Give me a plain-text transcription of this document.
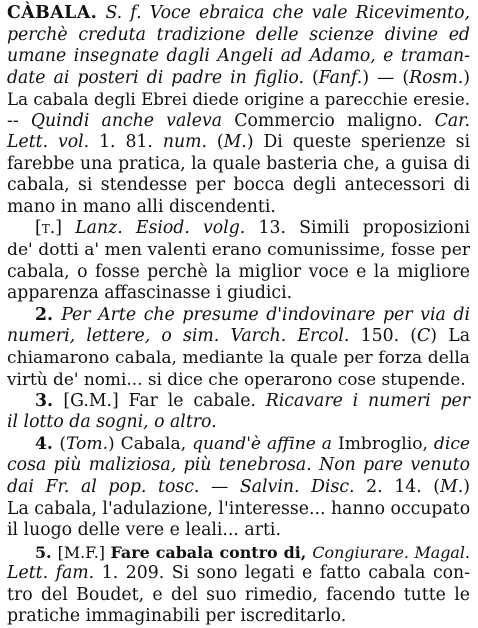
CÀBALA. S. f. Voce ebraica che vale Ricevimento,
perchè creduta tradizione delle scienze divine ed
umane insegnate dagli Angeli ad Adamo, e traman-
date ai posteri di padre in figlio. (Fanf.) — (Rosm.)
La cabala degli Ebrei diede origine a parecchie eresie.
-- Quindi anche valeva Commercio maligno. Car.
Lett. vol. 1. 81. num. (M.) Di queste sperienze si
farebbe una pratica, la quale basteria che, a guisa di
cabala, si stendesse per bocca degli antecessori di
mano in mano alli discendenti.
[t.] Lanz. Esiod. volg. 13. Simili proposizioni
de' dotti a' men valenti erano comunissime, fosse per
cabala, o fosse perchè la miglior voce e la migliore
apparenza affascinasse i giudici.
2. Per Arte che presume d'indovinare per via di
numeri, lettere, o sim. Varch. Ercol. 150. (C) La
chiamarono cabala, mediante la quale per forza della
virtù de' nomi... si dice che operarono cose stupende.
3. [G.M.] Far le cabale. Ricavare i numeri per
il lotto da sogni, o altro.
4. (Tom.) Cabala, quand'è affine a Imbroglio, dice
cosa più maliziosa, più tenebrosa. Non pare venuto
dai Fr. al pop. tosc. — Salvin. Disc. 2. 14. (M.)
La cabala, l'adulazione, l'interesse... hanno occupato
il luogo delle vere e leali... arti.
5. [M.F.] Fare cabala contro di, Congiurare. Magal.
Lett. fam. 1. 209. Si sono legati e fatto cabala con-
tro del Boudet, e del suo rimedio, facendo tutte le
pratiche immaginabili per iscreditarlo.
